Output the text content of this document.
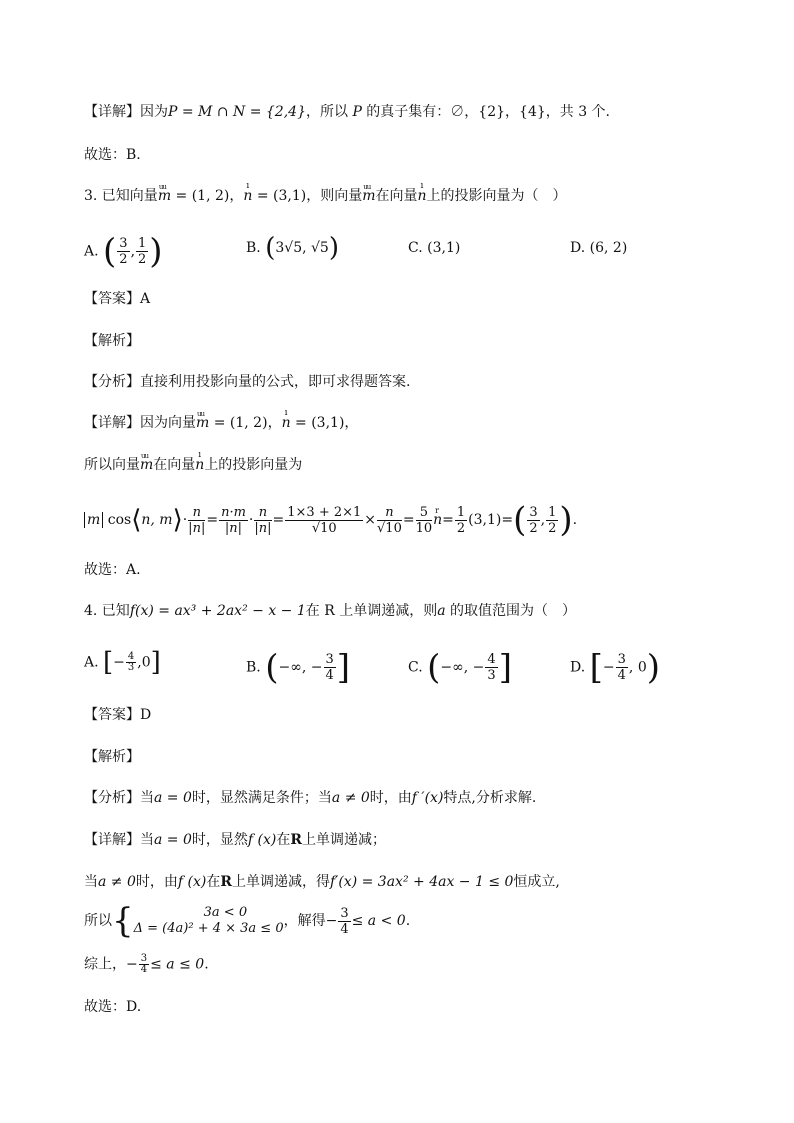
【详解】因为P = M ∩ N = {2,4}，所以 P 的真子集有：∅，{2}，{4}，共 3 个.
故选：B.
3. 已知向量uu m = (1, 2)，ı n = (3,1)，则向量uu m在向量ı n上的投影向量为（　）
A. ( $\frac{3}{2}$ , $\frac{1}{2}$ )	B. (3√5, √5)	C. (3,1)	D. (6, 2)
【答案】A
【解析】
【分析】直接利用投影向量的公式，即可求得题答案.
【详解】因为向量uu m = (1, 2)，ı n = (3,1)，
所以向量uu m在向量ı n上的投影向量为
m cos⟨n, m⟩· $\frac{n}{|n|} = \frac{n\cdot m}{|n|} \cdot \frac{n}{|n|} = \frac{1\times 3 + 2\times 1}{√10} \times \frac{n}{√10} = \frac{5}{10}$
r $n= \frac{1}{2} (3,1)=( \frac{3}{2}$ , $\frac{1}{2}$ ).
故选：A.
4. 已知f(x) = ax³ + 2ax² − x − 1在 R 上单调递减，则a 的取值范围为（　）
A. [− $\frac{4}{3} ,0$]	B. (−∞, − $\frac{3}{4}$ ]	C. (−∞, − $\frac{4}{3}$ ]	D. [− $\frac{3}{4}$ , 0)
【答案】D
【解析】
【分析】当a = 0时，显然满足条件；当a ≠ 0时，由f ′(x)特点,分析求解.
【详解】当a = 0时，显然f (x)在R上单调递减；
当a ≠ 0时，由f (x)在R上单调递减，得f′(x) = 3ax² + 4ax − 1 ≤ 0恒成立,
所以{	3a < 0
Δ = (4a)² + 4 × 3a ≤ 0 ，解得− $\frac{3}{4} \le a < 0$.
综上，− $\frac{3}{4} \le a \le 0$.
故选：D.
